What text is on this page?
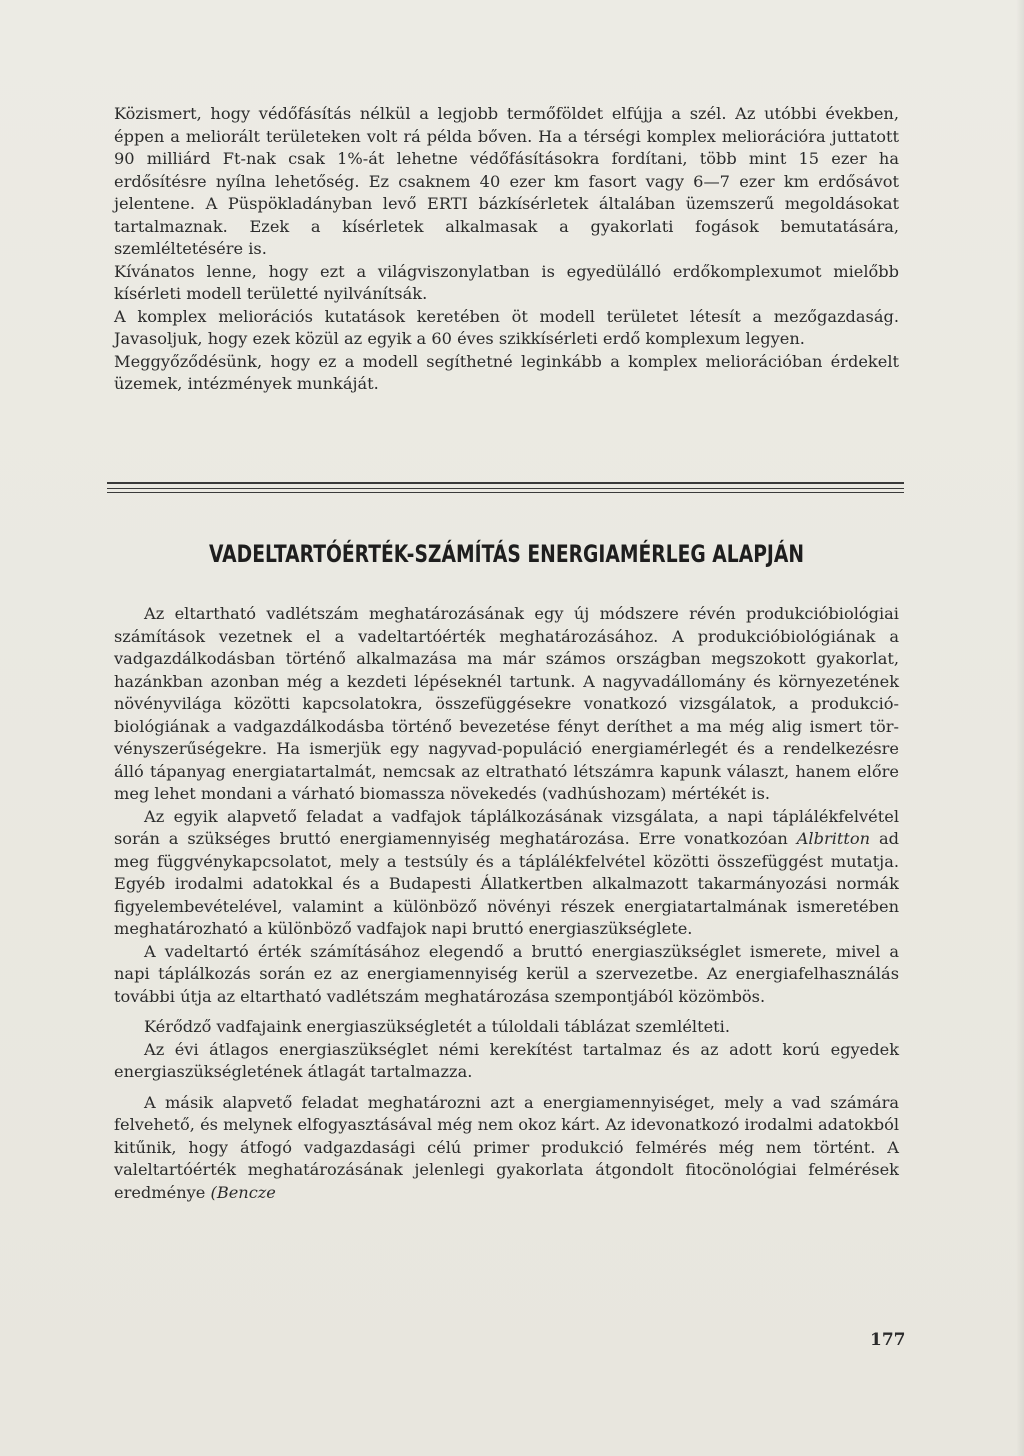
Közismert, hogy védőfásítás nélkül a legjobb termőföldet elfújja a szél. Az utóbbi években, éppen a meliorált területeken volt rá példa bőven. Ha a térségi komplex meliorációra juttatott 90 milliárd Ft-nak csak 1%-át lehetne védőfásításokra fordítani, több mint 15 ezer ha erdősítésre nyílna lehetőség. Ez csaknem 40 ezer km fasort vagy 6—7 ezer km erdősávot jelentene. A Püspökladányban levő ERTI bázkísérletek általában üzemszerű megoldásokat tartalmaznak. Ezek a kísérletek alkalmasak a gyakorlati fogások bemutatására, szemléltetésére is.

Kívánatos lenne, hogy ezt a világviszonylatban is egyedülálló erdőkomplexumot mielőbb kísérleti modell területté nyilvánítsák.

A komplex meliorációs kutatások keretében öt modell területet létesít a mezőgazdaság. Javasoljuk, hogy ezek közül az egyik a 60 éves szikkísérleti erdő komplexum legyen.

Meggyőződésünk, hogy ez a modell segíthetné leginkább a komplex meliorációban érdekelt üzemek, intézmények munkáját.

VADELTARTÓÉRTÉK-SZÁMÍTÁS ENERGIAMÉRLEG ALAPJÁN

Az eltartható vadlétszám meghatározásának egy új módszere révén produkcióbiológiai számítások vezetnek el a vadeltartóérték meghatározásához. A produkcióbiológiának a vadgazdálkodásban történő alkalmazása ma már számos országban megszokott gyakorlat, hazánkban azonban még a kezdeti lépéseknél tartunk. A nagyvadállomány és környezetének növényvilága közötti kapcsolatokra, összefüggésekre vonatkozó vizsgálatok, a produkcióbiológiának a vadgazdálkodásba történő bevezetése fényt deríthet a ma még alig ismert törvényszerűségekre. Ha ismerjük egy nagyvad-populáció energiamérlegét és a rendelkezésre álló tápanyag energiatartalmát, nemcsak az eltratható létszámra kapunk választ, hanem előre meg lehet mondani a várható biomassza növekedés (vadhúshozam) mértékét is.

Az egyik alapvető feladat a vadfajok táplálkozásának vizsgálata, a napi táplálékfelvétel során a szükséges bruttó energiamennyiség meghatározása. Erre vonatkozóan Albritton ad meg függvénykapcsolatot, mely a testsúly és a táplálékfelvétel közötti összefüggést mutatja. Egyéb irodalmi adatokkal és a Budapesti Állatkertben alkalmazott takarmányozási normák figyelembevételével, valamint a különböző növényi részek energiatartalmának ismeretében meghatározható a különböző vadfajok napi bruttó energiaszükséglete.

A vadeltartó érték számításához elegendő a bruttó energiaszükséglet ismerete, mivel a napi táplálkozás során ez az energiamennyiség kerül a szervezetbe. Az energiafelhasználás további útja az eltartható vadlétszám meghatározása szempontjából közömbös.

Kérődző vadfajaink energiaszükségletét a túloldali táblázat szemlélteti.

Az évi átlagos energiaszükséglet némi kerekítést tartalmaz és az adott korú egyedek energiaszükségletének átlagát tartalmazza.

A másik alapvető feladat meghatározni azt a energiamennyiséget, mely a vad számára felvehető, és melynek elfogyasztásával még nem okoz kárt. Az idevonatkozó irodalmi adatokból kitűnik, hogy átfogó vadgazdasági célú primer produkció felmérés még nem történt. A valeltartóérték meghatározásának jelenlegi gyakorlata átgondolt fitocönológiai felmérések eredménye (Bencze

177
